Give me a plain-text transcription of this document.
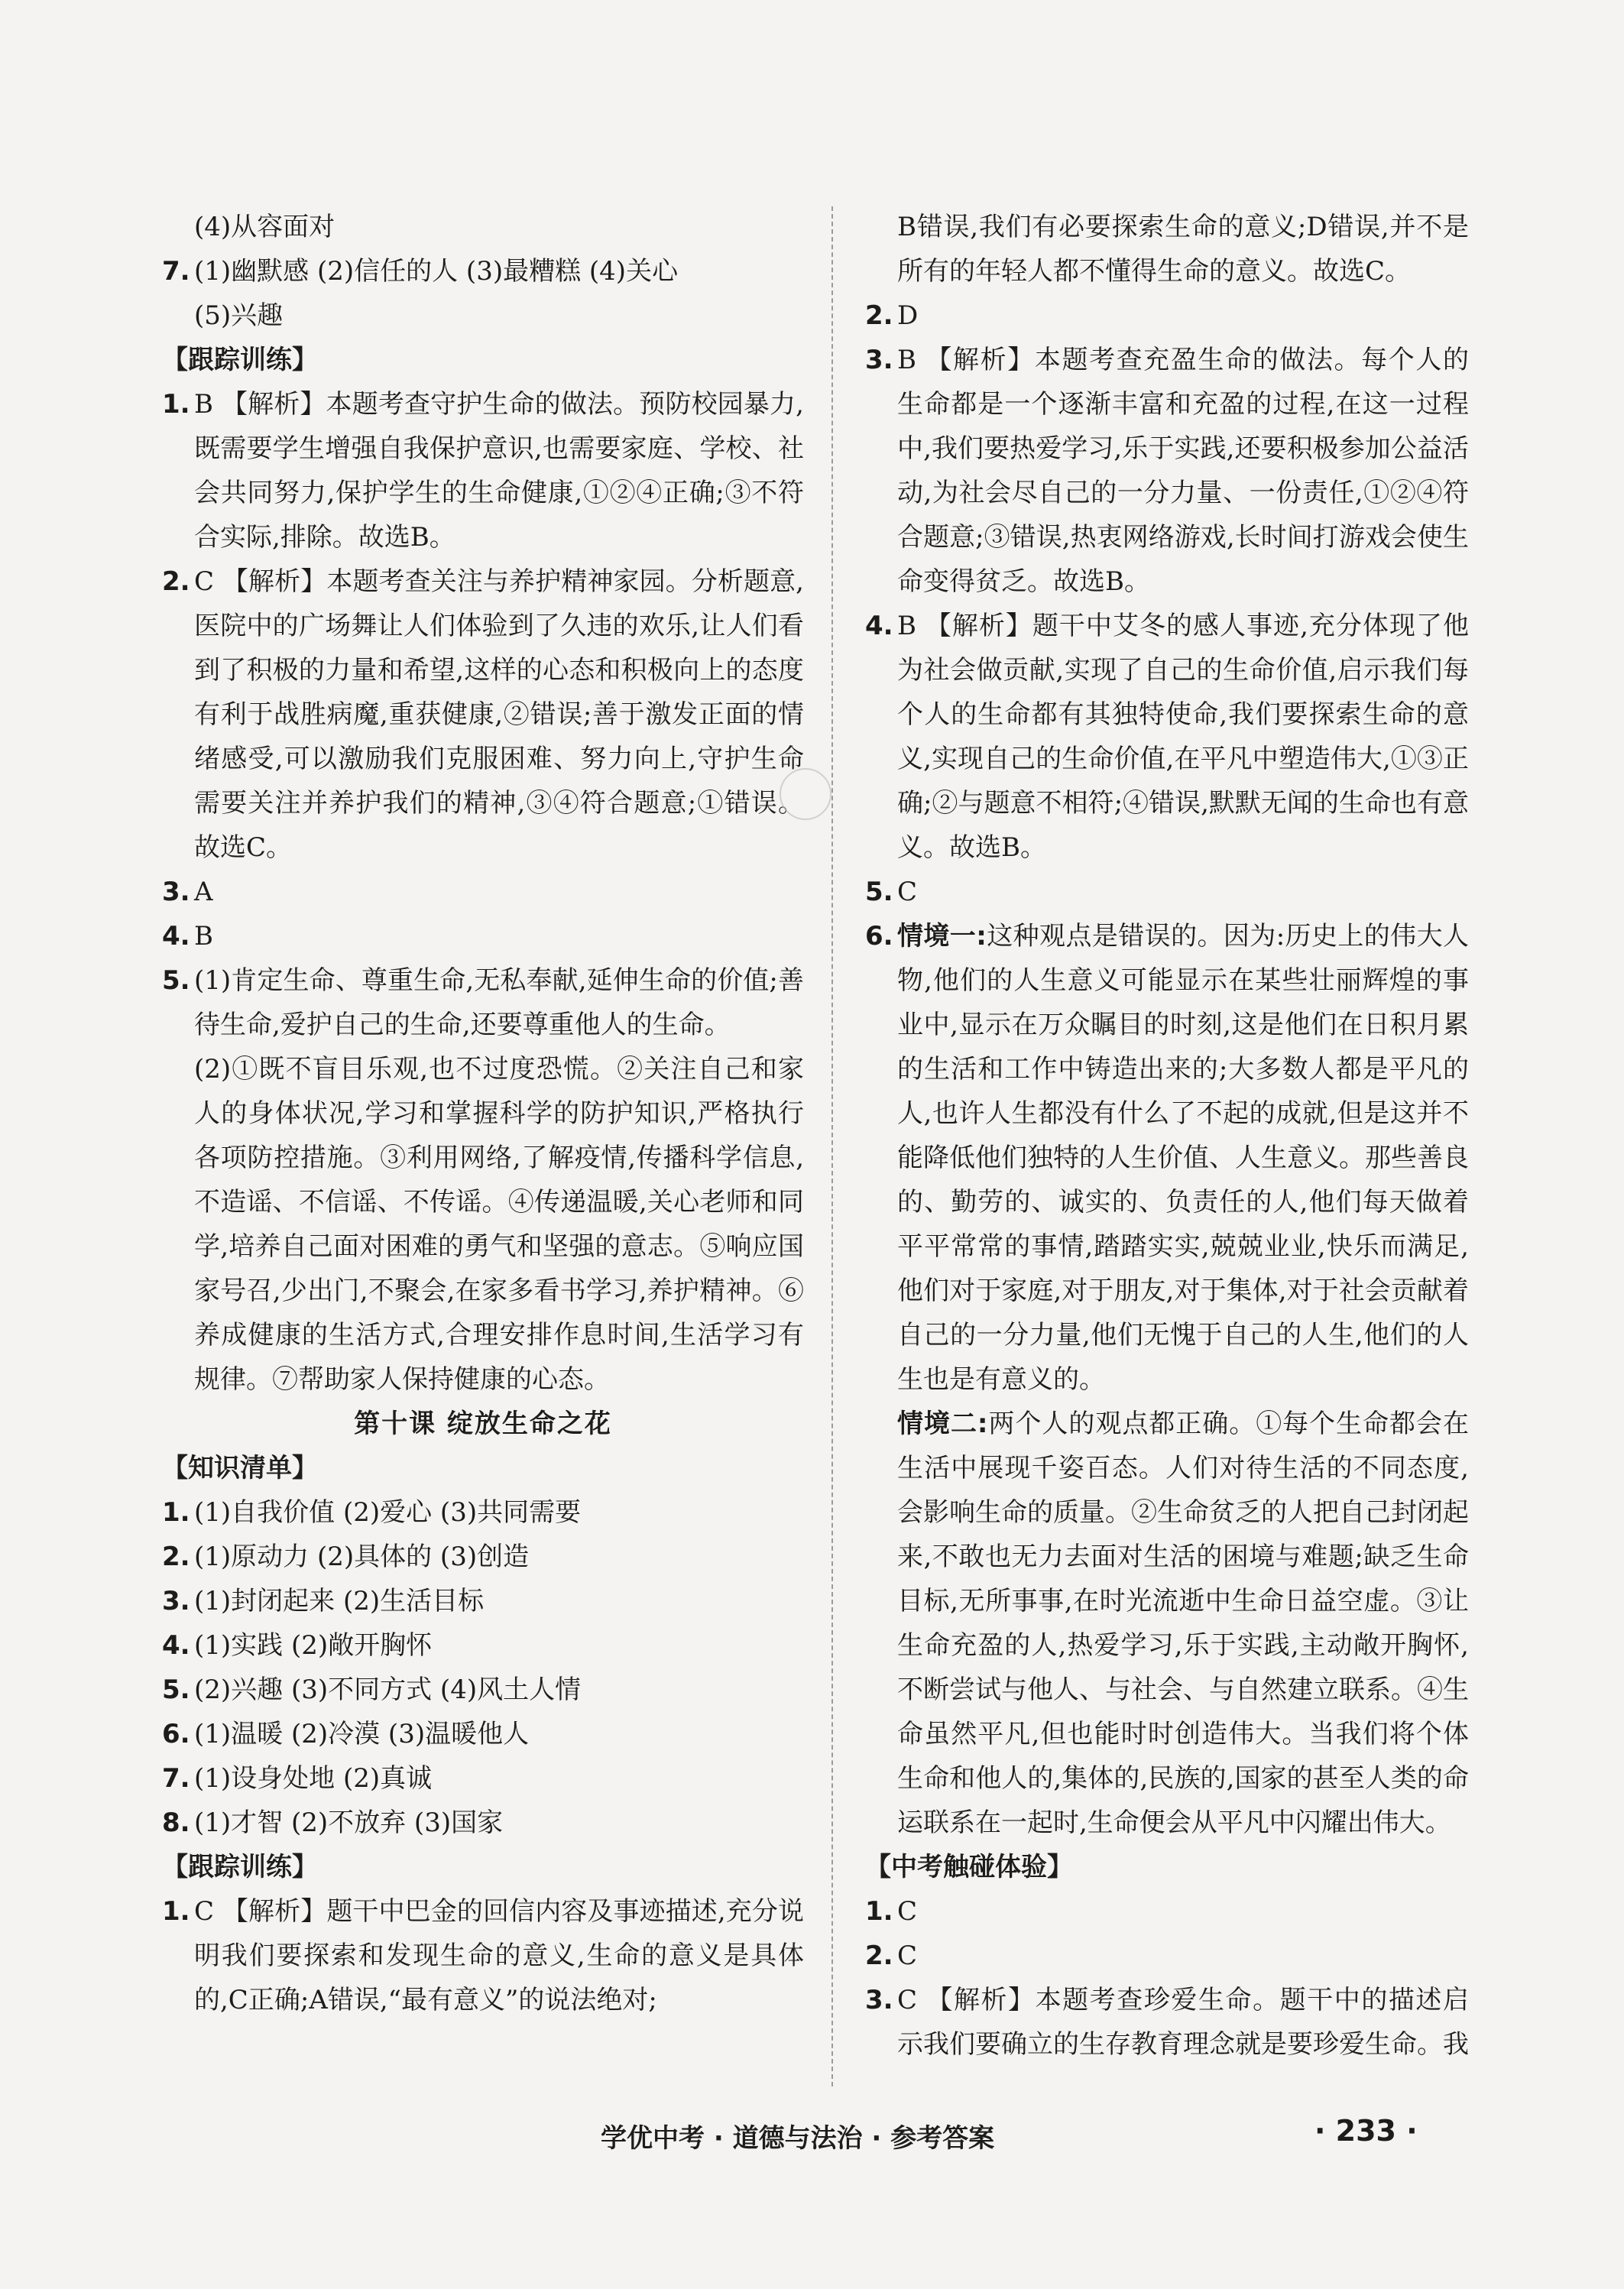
(4)从容面对
7. (1)幽默感 (2)信任的人 (3)最糟糕 (4)关心
(5)兴趣
【跟踪训练】
1. B 【解析】本题考查守护生命的做法。预防校园暴力,既需要学生增强自我保护意识,也需要家庭、学校、社会共同努力,保护学生的生命健康,①②④正确;③不符合实际,排除。故选B。
2. C 【解析】本题考查关注与养护精神家园。分析题意,医院中的广场舞让人们体验到了久违的欢乐,让人们看到了积极的力量和希望,这样的心态和积极向上的态度有利于战胜病魔,重获健康,②错误;善于激发正面的情绪感受,可以激励我们克服困难、努力向上,守护生命需要关注并养护我们的精神,③④符合题意;①错误。故选C。
3. A
4. B
5. (1)肯定生命、尊重生命,无私奉献,延伸生命的价值;善待生命,爱护自己的生命,还要尊重他人的生命。
(2)①既不盲目乐观,也不过度恐慌。②关注自己和家人的身体状况,学习和掌握科学的防护知识,严格执行各项防控措施。③利用网络,了解疫情,传播科学信息,不造谣、不信谣、不传谣。④传递温暖,关心老师和同学,培养自己面对困难的勇气和坚强的意志。⑤响应国家号召,少出门,不聚会,在家多看书学习,养护精神。⑥养成健康的生活方式,合理安排作息时间,生活学习有规律。⑦帮助家人保持健康的心态。
第十课 绽放生命之花
【知识清单】
1. (1)自我价值 (2)爱心 (3)共同需要
2. (1)原动力 (2)具体的 (3)创造
3. (1)封闭起来 (2)生活目标
4. (1)实践 (2)敞开胸怀
5. (2)兴趣 (3)不同方式 (4)风土人情
6. (1)温暖 (2)冷漠 (3)温暖他人
7. (1)设身处地 (2)真诚
8. (1)才智 (2)不放弃 (3)国家
【跟踪训练】
1. C 【解析】题干中巴金的回信内容及事迹描述,充分说明我们要探索和发现生命的意义,生命的意义是具体的,C正确;A错误,“最有意义”的说法绝对;
B错误,我们有必要探索生命的意义;D错误,并不是所有的年轻人都不懂得生命的意义。故选C。
2. D
3. B 【解析】本题考查充盈生命的做法。每个人的生命都是一个逐渐丰富和充盈的过程,在这一过程中,我们要热爱学习,乐于实践,还要积极参加公益活动,为社会尽自己的一分力量、一份责任,①②④符合题意;③错误,热衷网络游戏,长时间打游戏会使生命变得贫乏。故选B。
4. B 【解析】题干中艾冬的感人事迹,充分体现了他为社会做贡献,实现了自己的生命价值,启示我们每个人的生命都有其独特使命,我们要探索生命的意义,实现自己的生命价值,在平凡中塑造伟大,①③正确;②与题意不相符;④错误,默默无闻的生命也有意义。故选B。
5. C
6. 情境一:这种观点是错误的。因为:历史上的伟大人物,他们的人生意义可能显示在某些壮丽辉煌的事业中,显示在万众瞩目的时刻,这是他们在日积月累的生活和工作中铸造出来的;大多数人都是平凡的人,也许人生都没有什么了不起的成就,但是这并不能降低他们独特的人生价值、人生意义。那些善良的、勤劳的、诚实的、负责任的人,他们每天做着平平常常的事情,踏踏实实,兢兢业业,快乐而满足,他们对于家庭,对于朋友,对于集体,对于社会贡献着自己的一分力量,他们无愧于自己的人生,他们的人生也是有意义的。
情境二:两个人的观点都正确。①每个生命都会在生活中展现千姿百态。人们对待生活的不同态度,会影响生命的质量。②生命贫乏的人把自己封闭起来,不敢也无力去面对生活的困境与难题;缺乏生命目标,无所事事,在时光流逝中生命日益空虚。③让生命充盈的人,热爱学习,乐于实践,主动敞开胸怀,不断尝试与他人、与社会、与自然建立联系。④生命虽然平凡,但也能时时创造伟大。当我们将个体生命和他人的,集体的,民族的,国家的甚至人类的命运联系在一起时,生命便会从平凡中闪耀出伟大。
【中考触碰体验】
1. C
2. C
3. C 【解析】本题考查珍爱生命。题干中的描述启示我们要确立的生存教育理念就是要珍爱生命。我
学优中考 · 道德与法治 · 参考答案	· 233 ·
